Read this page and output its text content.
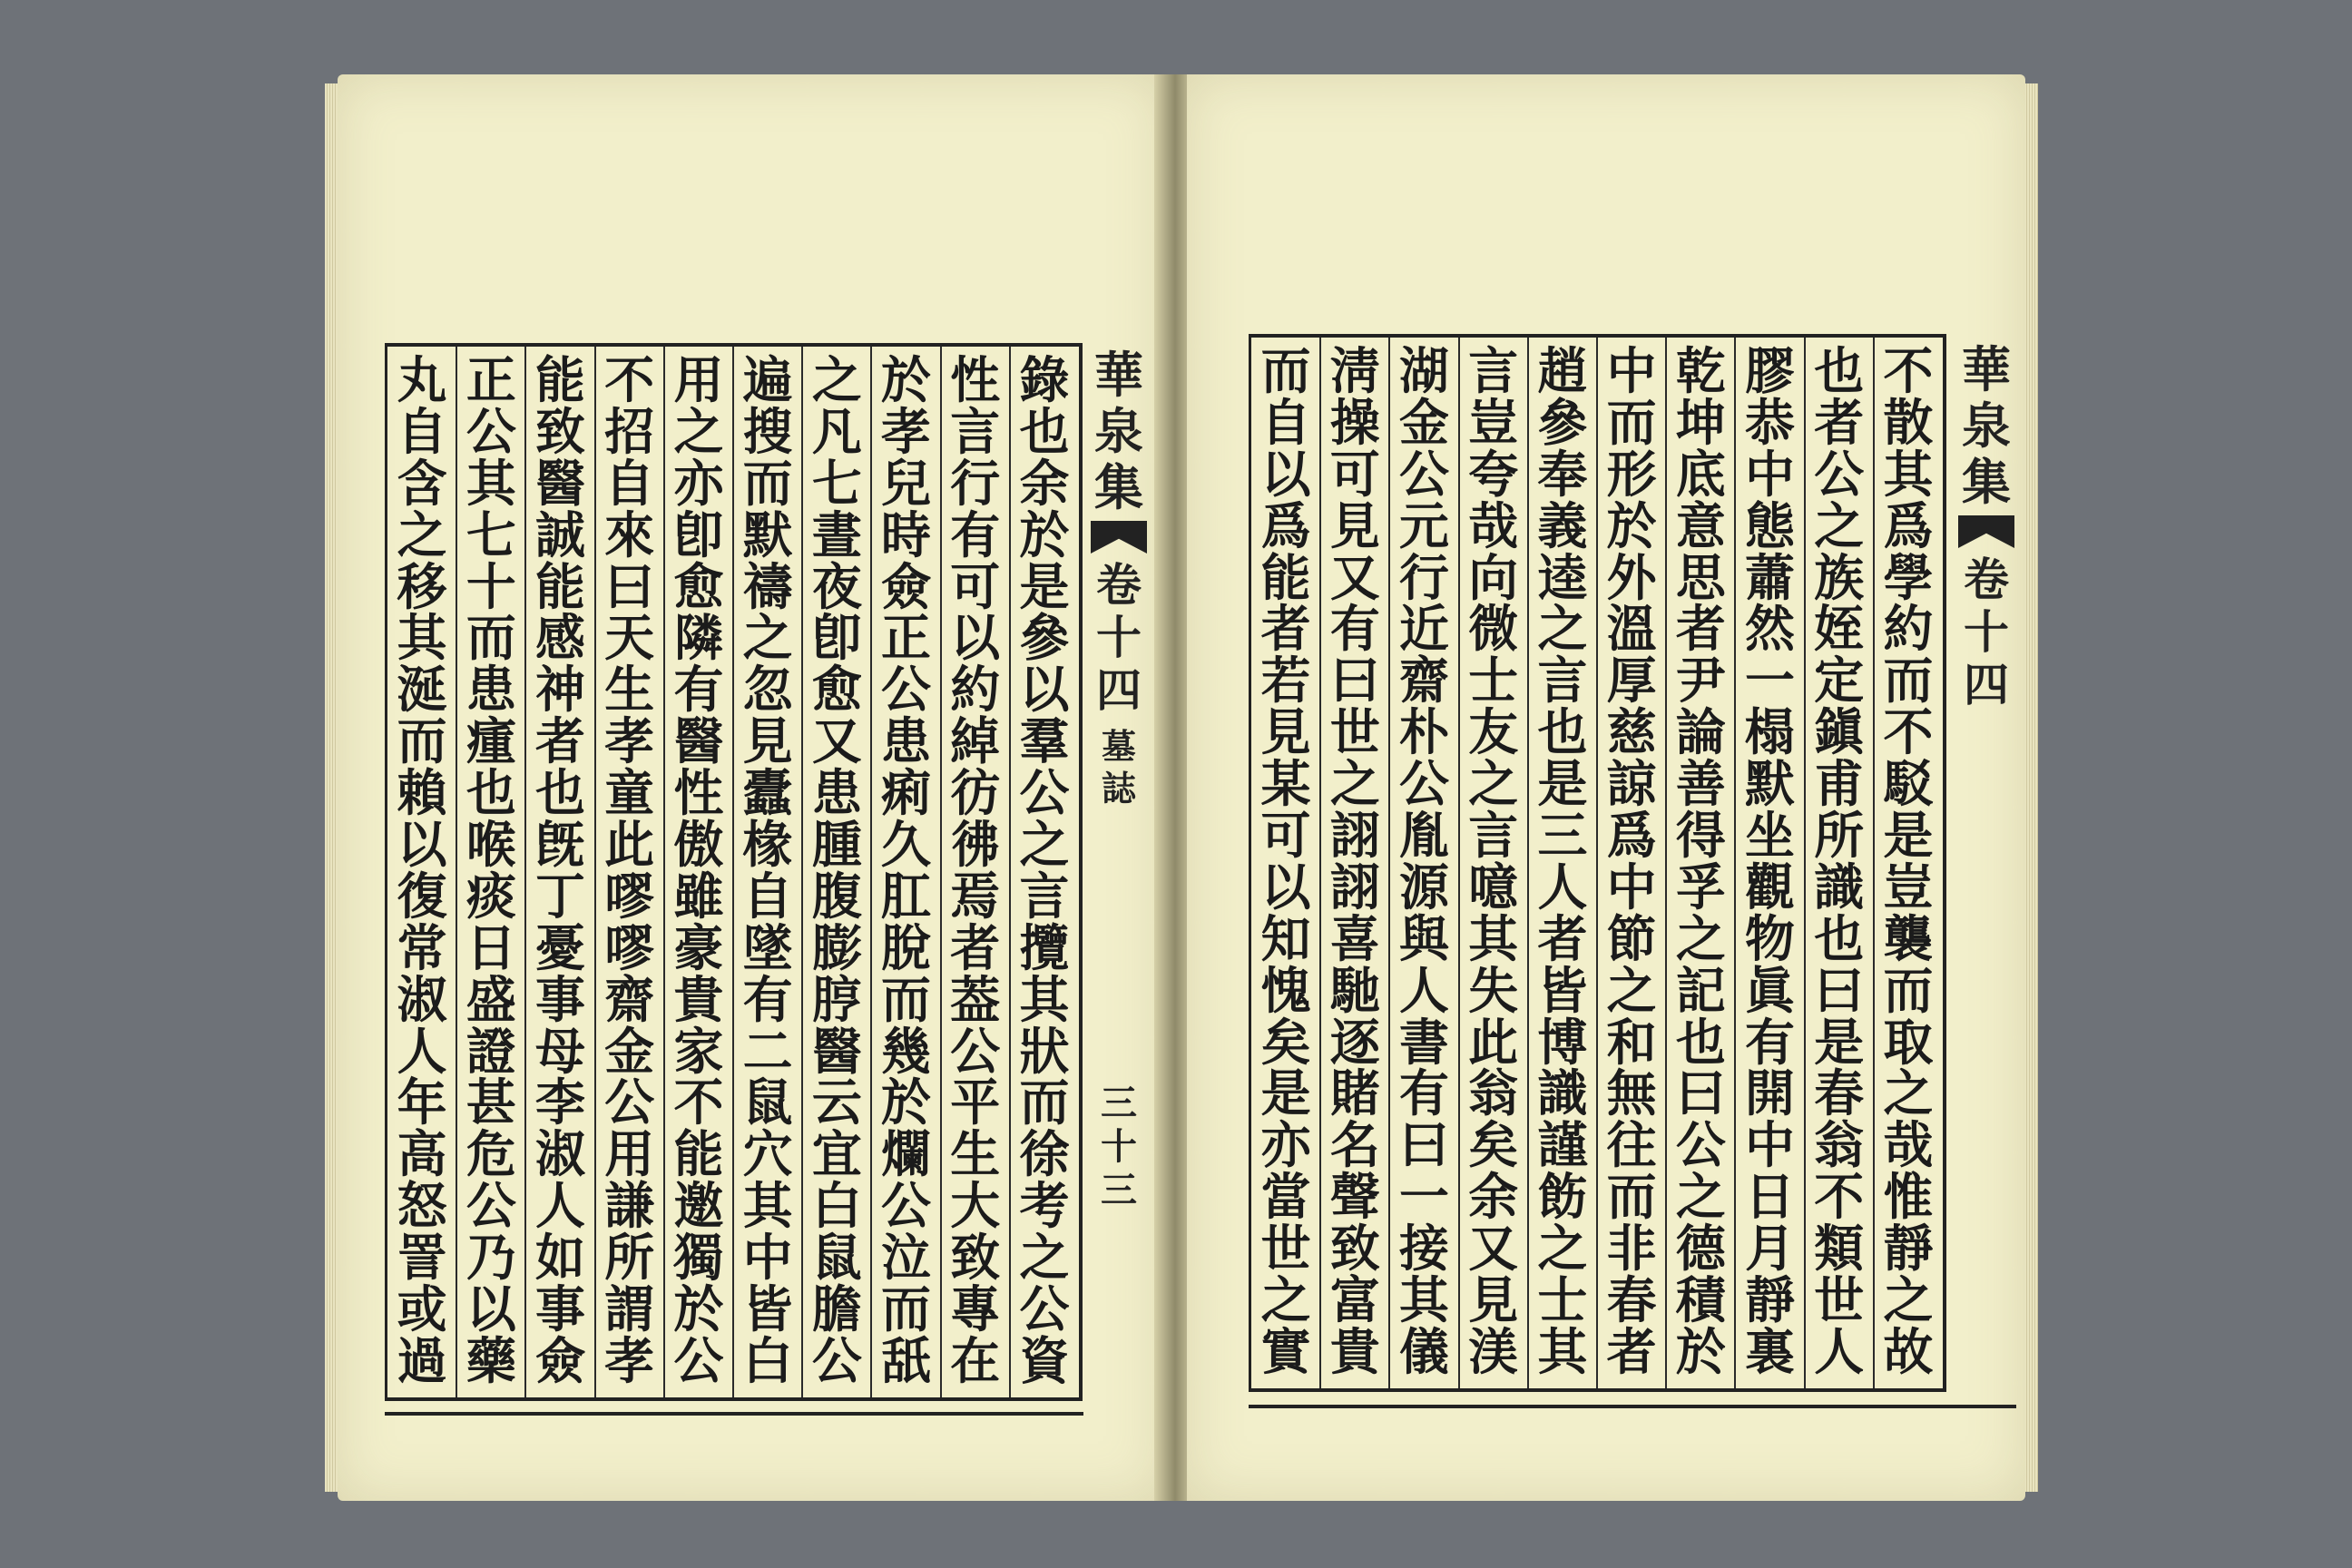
錄
也
余
於
是
參
以
羣
公
之
言
攬
其
狀
而
徐
考
之
公
資
性
言
行
有
可
以
約
綽
彷
彿
焉
者
葢
公
平
生
大
致
專
在
於
孝
兒
時
僉
正
公
患
痢
久
肛
脫
而
幾
於
爛
公
泣
而
舐
之
凡
七
晝
夜
卽
愈
又
患
腫
腹
膨
脝
醫
云
宜
白
鼠
膽
公
遍
搜
而
默
禱
之
忽
見
蠹
椽
自
墜
有
二
鼠
穴
其
中
皆
白
用
之
亦
卽
愈
隣
有
醫
性
傲
雖
豪
貴
家
不
能
邀
獨
於
公
不
招
自
來
曰
天
生
孝
童
此
嘐
嘐
齋
金
公
用
謙
所
謂
孝
能
致
醫
誠
能
感
神
者
也
旣
丁
憂
事
母
李
淑
人
如
事
僉
正
公
其
七
十
而
患
瘇
也
喉
痰
日
盛
證
甚
危
公
乃
以
藥
丸
自
含
之
移
其
涎
而
賴
以
復
常
淑
人
年
高
怒
詈
或
過
華
泉
集
卷
十
四
墓
誌
三
十
三
不
散
其
爲
學
約
而
不
駁
是
豈
襲
而
取
之
哉
惟
靜
之
故
也
者
公
之
族
姪
定
鎭
甫
所
識
也
曰
是
春
翁
不
類
世
人
膠
恭
中
態
蕭
然
一
榻
默
坐
觀
物
眞
有
開
中
日
月
靜
裏
乾
坤
底
意
思
者
尹
論
善
得
孚
之
記
也
曰
公
之
德
積
於
中
而
形
於
外
溫
厚
慈
諒
爲
中
節
之
和
無
往
而
非
春
者
趙
參
奉
義
逵
之
言
也
是
三
人
者
皆
博
識
謹
飭
之
士
其
言
豈
夸
哉
向
微
士
友
之
言
噫
其
失
此
翁
矣
余
又
見
渼
湖
金
公
元
行
近
齋
朴
公
胤
源
與
人
書
有
曰
一
接
其
儀
淸
操
可
見
又
有
曰
世
之
詡
詡
喜
馳
逐
賭
名
聲
致
富
貴
而
自
以
爲
能
者
若
見
某
可
以
知
愧
矣
是
亦
當
世
之
實
華
泉
集
卷
十
四
